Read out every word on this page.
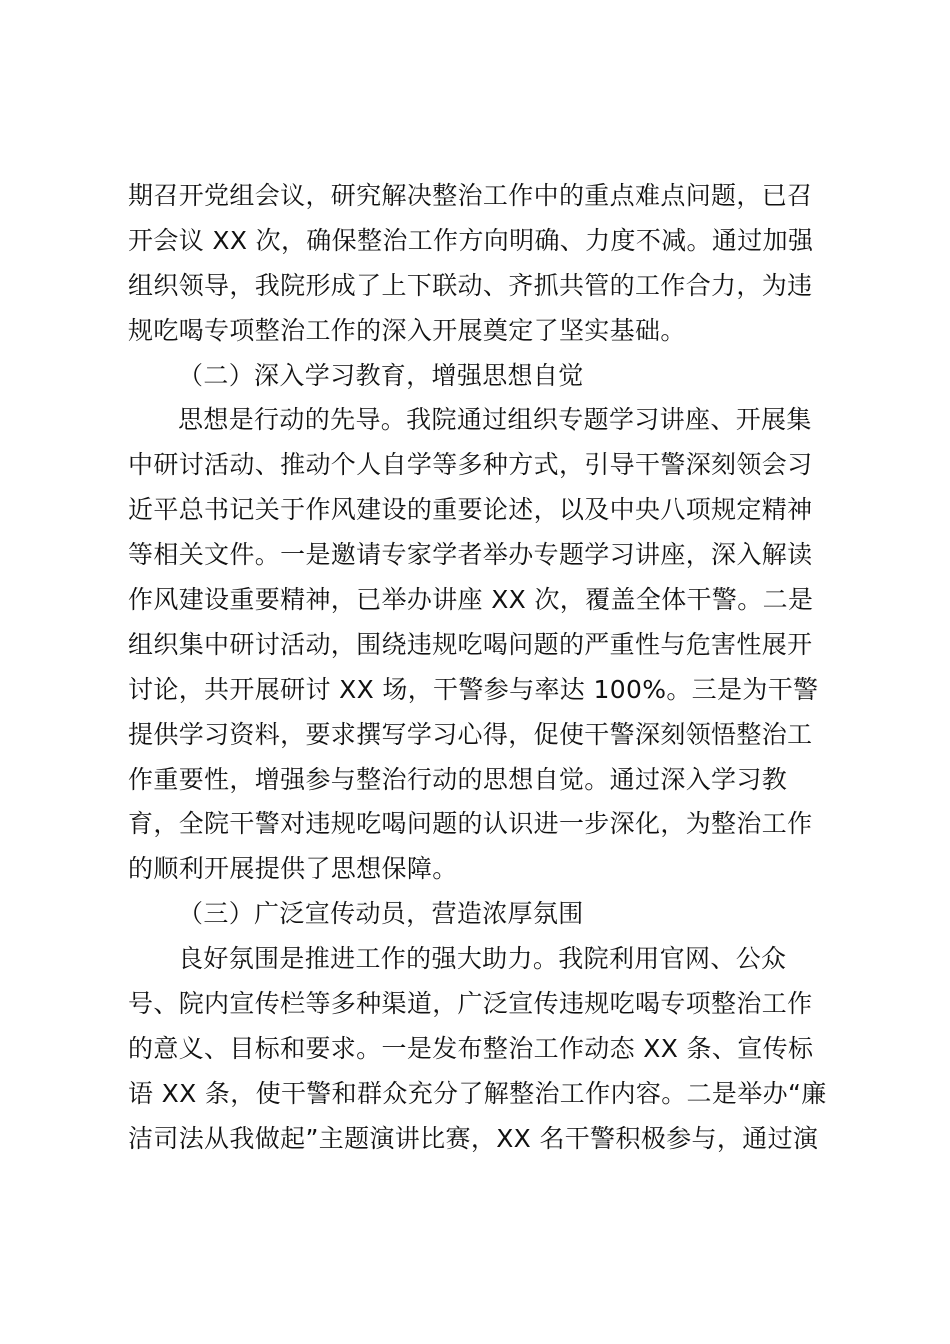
期召开党组会议，研究解决整治工作中的重点难点问题，已召
开会议 XX 次，确保整治工作方向明确、力度不减。通过加强
组织领导，我院形成了上下联动、齐抓共管的工作合力，为违
规吃喝专项整治工作的深入开展奠定了坚实基础。
（二）深入学习教育，增强思想自觉
思想是行动的先导。我院通过组织专题学习讲座、开展集
中研讨活动、推动个人自学等多种方式，引导干警深刻领会习
近平总书记关于作风建设的重要论述，以及中央八项规定精神
等相关文件。一是邀请专家学者举办专题学习讲座，深入解读
作风建设重要精神，已举办讲座 XX 次，覆盖全体干警。二是
组织集中研讨活动，围绕违规吃喝问题的严重性与危害性展开
讨论，共开展研讨 XX 场，干警参与率达 100%。三是为干警
提供学习资料，要求撰写学习心得，促使干警深刻领悟整治工
作重要性，增强参与整治行动的思想自觉。通过深入学习教
育，全院干警对违规吃喝问题的认识进一步深化，为整治工作
的顺利开展提供了思想保障。
（三）广泛宣传动员，营造浓厚氛围
良好氛围是推进工作的强大助力。我院利用官网、公众
号、院内宣传栏等多种渠道，广泛宣传违规吃喝专项整治工作
的意义、目标和要求。一是发布整治工作动态 XX 条、宣传标
语 XX 条，使干警和群众充分了解整治工作内容。二是举办“廉
洁司法从我做起”主题演讲比赛，XX 名干警积极参与，通过演
